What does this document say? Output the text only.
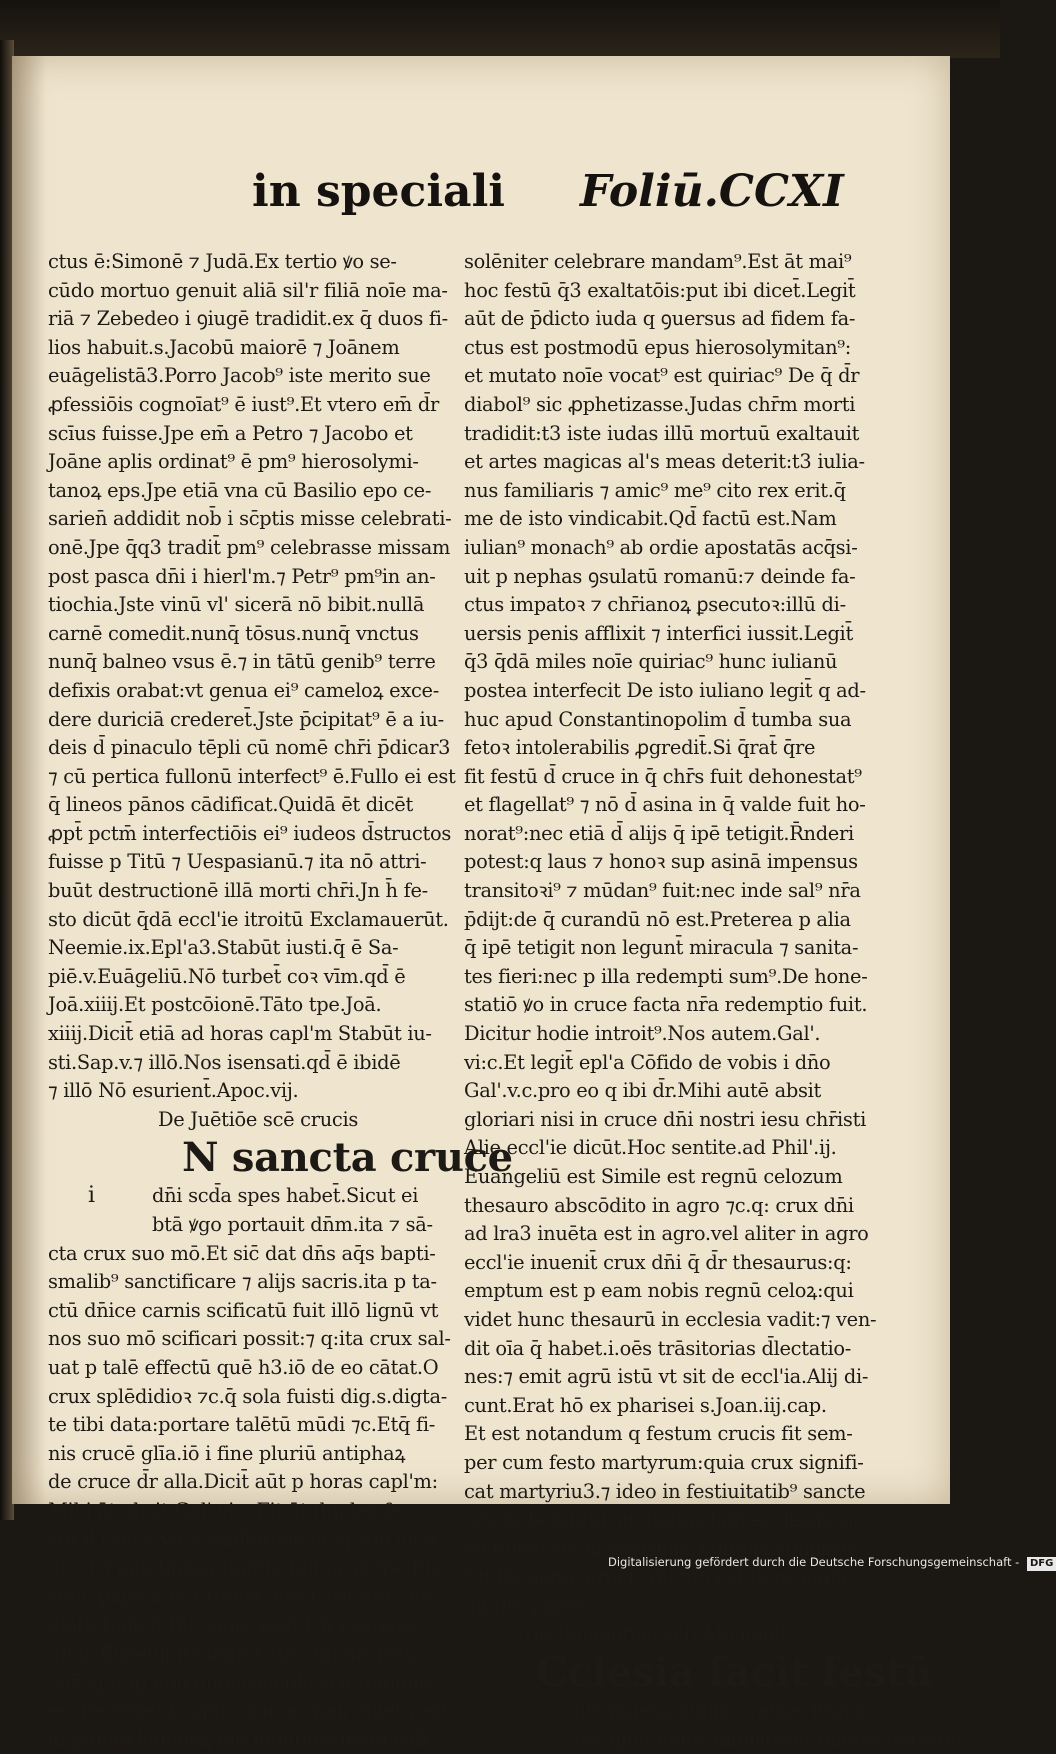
in speciali Foliū.CCXI
ctus ē:Simonē ⁊ Judā.Ex tertio ꝟo se-
cūdo mortuo genuit aliā sil'r filiā noīe ma-
riā ⁊ Zebedeo i ꝯiugē tradidit.ex q̄ duos fi-
lios habuit.s.Jacobū maiorē ⁊ Joānem
euāgelistā3.Porro Jacob⁹ iste merito sue
ꝓfessiōis cognoīat⁹ ē iust⁹.Et vtero em̄ d̄r
scīus fuisse.Jpe em̄ a Petro ⁊ Jacobo et
Joāne aplis ordinat⁹ ē pm⁹ hierosolymi-
tanoꝝ eps.Jpe etiā vna cū Basilio epo ce-
sarien̄ addidit nob̄ i sc̄ptis misse celebrati-
onē.Jpe q̄q3 tradit̄ pm⁹ celebrasse missam
post pasca dn̄i i hierl'm.⁊ Petr⁹ pm⁹in an-
tiochia.Jste vinū vl' sicerā nō bibit.nullā
carnē comedit.nunq̄ tōsus.nunq̄ vnctus
nunq̄ balneo vsus ē.⁊ in tātū genib⁹ terre
defixis orabat:vt genua ei⁹ cameloꝝ exce-
dere duriciā crederet̄.Jste p̄cipitat⁹ ē a iu-
deis d̄ pinaculo tēpli cū nomē chr̄i p̄dicar3
⁊ cū pertica fullonū interfect⁹ ē.Fullo ei est
q̄ lineos pānos cādificat.Quidā ēt dicēt
ꝓpt̄ pctm̄ interfectiōis ei⁹ iudeos d̄structos
fuisse p Titū ⁊ Uespasianū.⁊ ita nō attri-
buūt destructionē illā morti chr̄i.Jn h̄ fe-
sto dicūt q̄dā eccl'ie itroitū Exclamauerūt.
Neemie.ix.Epl'a3.Stabūt iusti.q̄ ē Sa-
piē.v.Euāgeliū.Nō turbet̄ coꝛ vīm.qd̄ ē
Joā.xiiij.Et postcōionē.Tāto tpe.Joā.
xiiij.Dicit̄ etiā ad horas capl'm Stabūt iu-
sti.Sap.v.⁊ illō.Nos isensati.qd̄ ē ibidē
⁊ illō Nō esurient̄.Apoc.vij.
De Juētiōe scē crucis
N sancta cruce
i	dn̄i scd̄a spes habet̄.Sicut ei
btā ꝟgo portauit dn̄m.ita ⁊ sā-
cta crux suo mō.Et sic̄ dat dn̄s aq̄s bapti-
smalib⁹ sanctificare ⁊ alijs sacris.ita p ta-
ctū dn̄ice carnis scificatū fuit illō lignū vt
nos suo mō scificari possit:⁊ q:ita crux sal-
uat p talē effectū quē h3.iō de eo cātat.O
crux splēdidioꝛ ⁊c.q̄ sola fuisti dig.s.digta-
te tibi data:portare talētū mūdi ⁊c.Etq̄ fi-
nis crucē glīa.iō i fine pluriū antiphaꝝ
de cruce d̄r alla.Dicit̄ aūt p horas capl'm:
Mihi āt absit.Gal'.vi.c.Fit āt duplex fe-
stū d̄ cruce.vic3 exaltatiōis:de q̄ suo loco
dicet̄.⁊ inuētiōis.q:inuēta fuit crux tpe Eu-
sebij pape.a btā Helēa mr̄e Cōstātini me-
diāte Juda q̄ tūc iude⁹ erat.Uñ i canone
ipius Eusebij ita legit̄.Crux dn̄i nr̄i Jesu
chr̄i:q̄ nup nob̄ gubernacula scē romane
eccl'ie tenētib⁹:q̄nto nonas maij inuēta est
in p̄dicto kalēdaꝝ die inuētiōis festū vob̄
solēniter celebrare mandam⁹.Est āt mai⁹
hoc festū q̄3 exaltatōis:put ibi dicet̄.Legit̄
aūt de p̄dicto iuda q ꝯuersus ad fidem fa-
ctus est postmodū epus hierosolymitan⁹:
et mutato noīe vocat⁹ est quiriac⁹ De q̄ d̄r
diabol⁹ sic ꝓphetizasse.Judas chr̄m morti
tradidit:t3 iste iudas illū mortuū exaltauit
et artes magicas al's meas deterit:t3 iulia-
nus familiaris ⁊ amic⁹ me⁹ cito rex erit.q̄
me de isto vindicabit.Qd̄ factū est.Nam
iulian⁹ monach⁹ ab ordie apostatās acq̄si-
uit p nephas ꝯsulatū romanū:⁊ deinde fa-
ctus impatoꝛ ⁊ chr̄ianoꝝ ꝑsecutoꝛ:illū di-
uersis penis afflixit ⁊ interfici iussit.Legit̄
q̄3 q̄dā miles noīe quiriac⁹ hunc iulianū
postea interfecit De isto iuliano legit̄ q ad-
huc apud Constantinopolim d̄ tumba sua
fetoꝛ intolerabilis ꝓgredit̄.Si q̄rat̄ q̄re
fit festū d̄ cruce in q̄ chr̄s fuit dehonestat⁹
et flagellat⁹ ⁊ nō d̄ asina in q̄ valde fuit ho-
norat⁹:nec etiā d̄ alijs q̄ ipē tetigit.R̄nderi
potest:q laus ⁊ honoꝛ sup asinā impensus
transitoꝛi⁹ ⁊ mūdan⁹ fuit:nec inde sal⁹ nr̄a
p̄dijt:de q̄ curandū nō est.Preterea p alia
q̄ ipē tetigit non legunt̄ miracula ⁊ sanita-
tes fieri:nec p illa redempti sum⁹.De hone-
statiō ꝟo in cruce facta nr̄a redemptio fuit.
Dicitur hodie introit⁹.Nos autem.Gal'.
vi:c.Et legit̄ epl'a Cōfido de vobis i dn̄o
Gal'.v.c.pro eo q ibi d̄r.Mihi autē absit
gloriari nisi in cruce dn̄i nostri iesu chr̄isti
Alie eccl'ie dicūt.Hoc sentite.ad Phil'.ij.
Euangeliū est Simile est regnū celozum
thesauro abscōdito in agro ⁊c.q: crux dn̄i
ad lra3 inuēta est in agro.vel aliter in agro
eccl'ie inuenit̄ crux dn̄i q̄ d̄r thesaurus:q:
emptum est p eam nobis regnū celoꝝ:qui
videt hunc thesaurū in ecclesia vadit:⁊ ven-
dit oīa q̄ habet.i.oēs trāsitorias d̄lectatio-
nes:⁊ emit agrū istū vt sit de eccl'ia.Alij di-
cunt.Erat hō ex pharisei s.Joan.iij.cap.
Et est notandum q festum crucis fit sem-
per cum festo martyrum:quia crux signifi-
cat martyriu3.⁊ ideo in festiuitatib⁹ sancte
crucis leguntur in quibusdam ecclesijs.vj
lectiones de martyribus ⁊ officia cōmisce-
tur.De signo crucis dictu3 est in proemio
quinte partis.
De Reuelatiōe scti Michaelis.
Cclesia facit festū
de angelis duplici ratiōe.Prima
est:quia nobis ministrant:omnes em̄ sunt
Digitalisierung gefördert durch die Deutsche Forschungsgemeinschaft - DFG
